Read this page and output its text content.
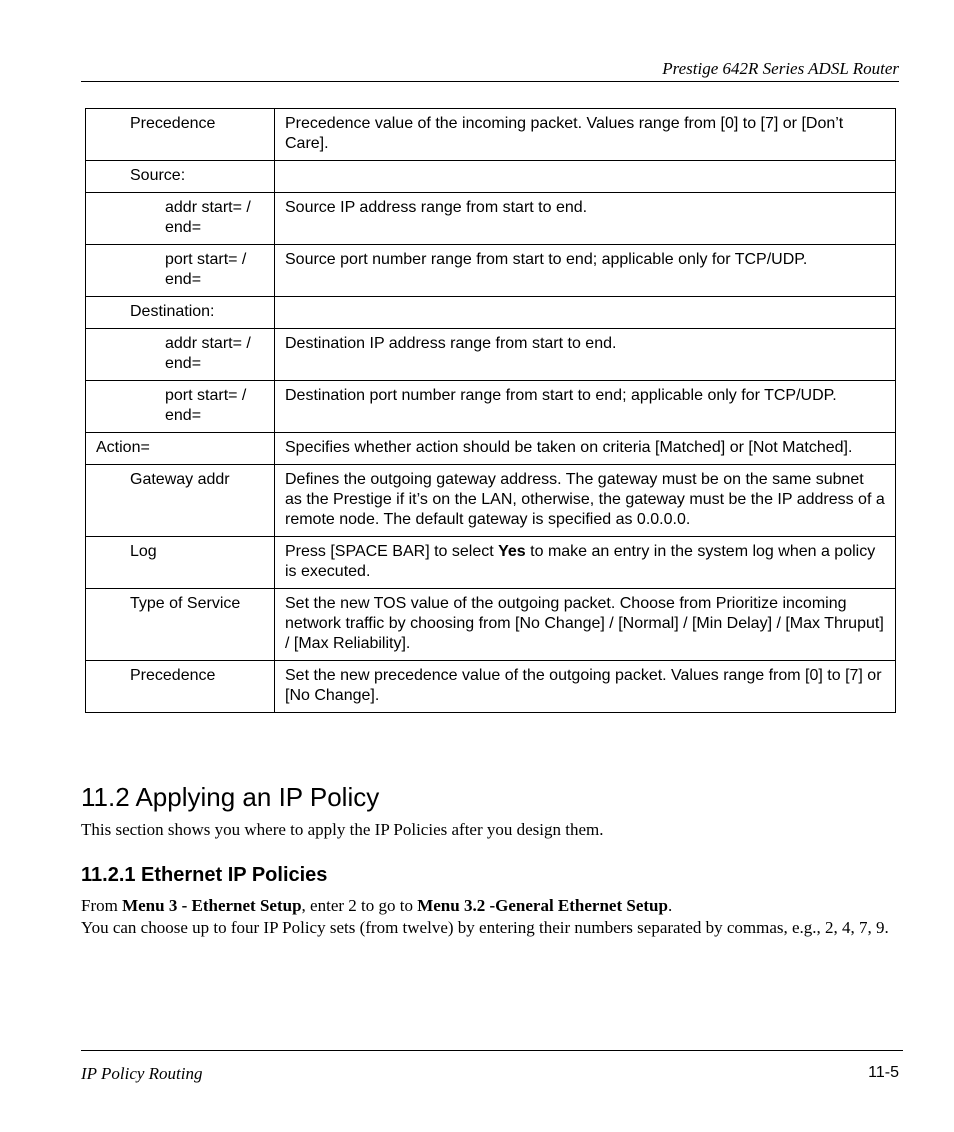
Prestige 642R Series ADSL Router
Precedence	Precedence value of the incoming packet. Values range from [0] to [7] or [Don’t Care].
Source:	
addr start= / end=	Source IP address range from start to end.
port start= / end=	Source port number range from start to end; applicable only for TCP/UDP.
Destination:	
addr start= / end=	Destination IP address range from start to end.
port start= / end=	Destination port number range from start to end; applicable only for TCP/UDP.
Action=	Specifies whether action should be taken on criteria [Matched] or [Not Matched].
Gateway addr	Defines the outgoing gateway address. The gateway must be on the same subnet as the Prestige if it’s on the LAN, otherwise, the gateway must be the IP address of a remote node. The default gateway is specified as 0.0.0.0.
Log	Press [SPACE BAR] to select Yes to make an entry in the system log when a policy is executed.
Type of Service	Set the new TOS value of the outgoing packet. Choose from Prioritize incoming network traffic by choosing from [No Change] / [Normal] / [Min Delay] / [Max Thruput] / [Max Reliability].
Precedence	Set the new precedence value of the outgoing packet. Values range from [0] to [7] or [No Change].
11.2 Applying an IP Policy

This section shows you where to apply the IP Policies after you design them.

11.2.1 Ethernet IP Policies

From Menu 3 - Ethernet Setup, enter 2 to go to Menu 3.2 -General Ethernet Setup.
You can choose up to four IP Policy sets (from twelve) by entering their numbers separated by commas, e.g., 2, 4, 7, 9.

IP Policy Routing	11-5
